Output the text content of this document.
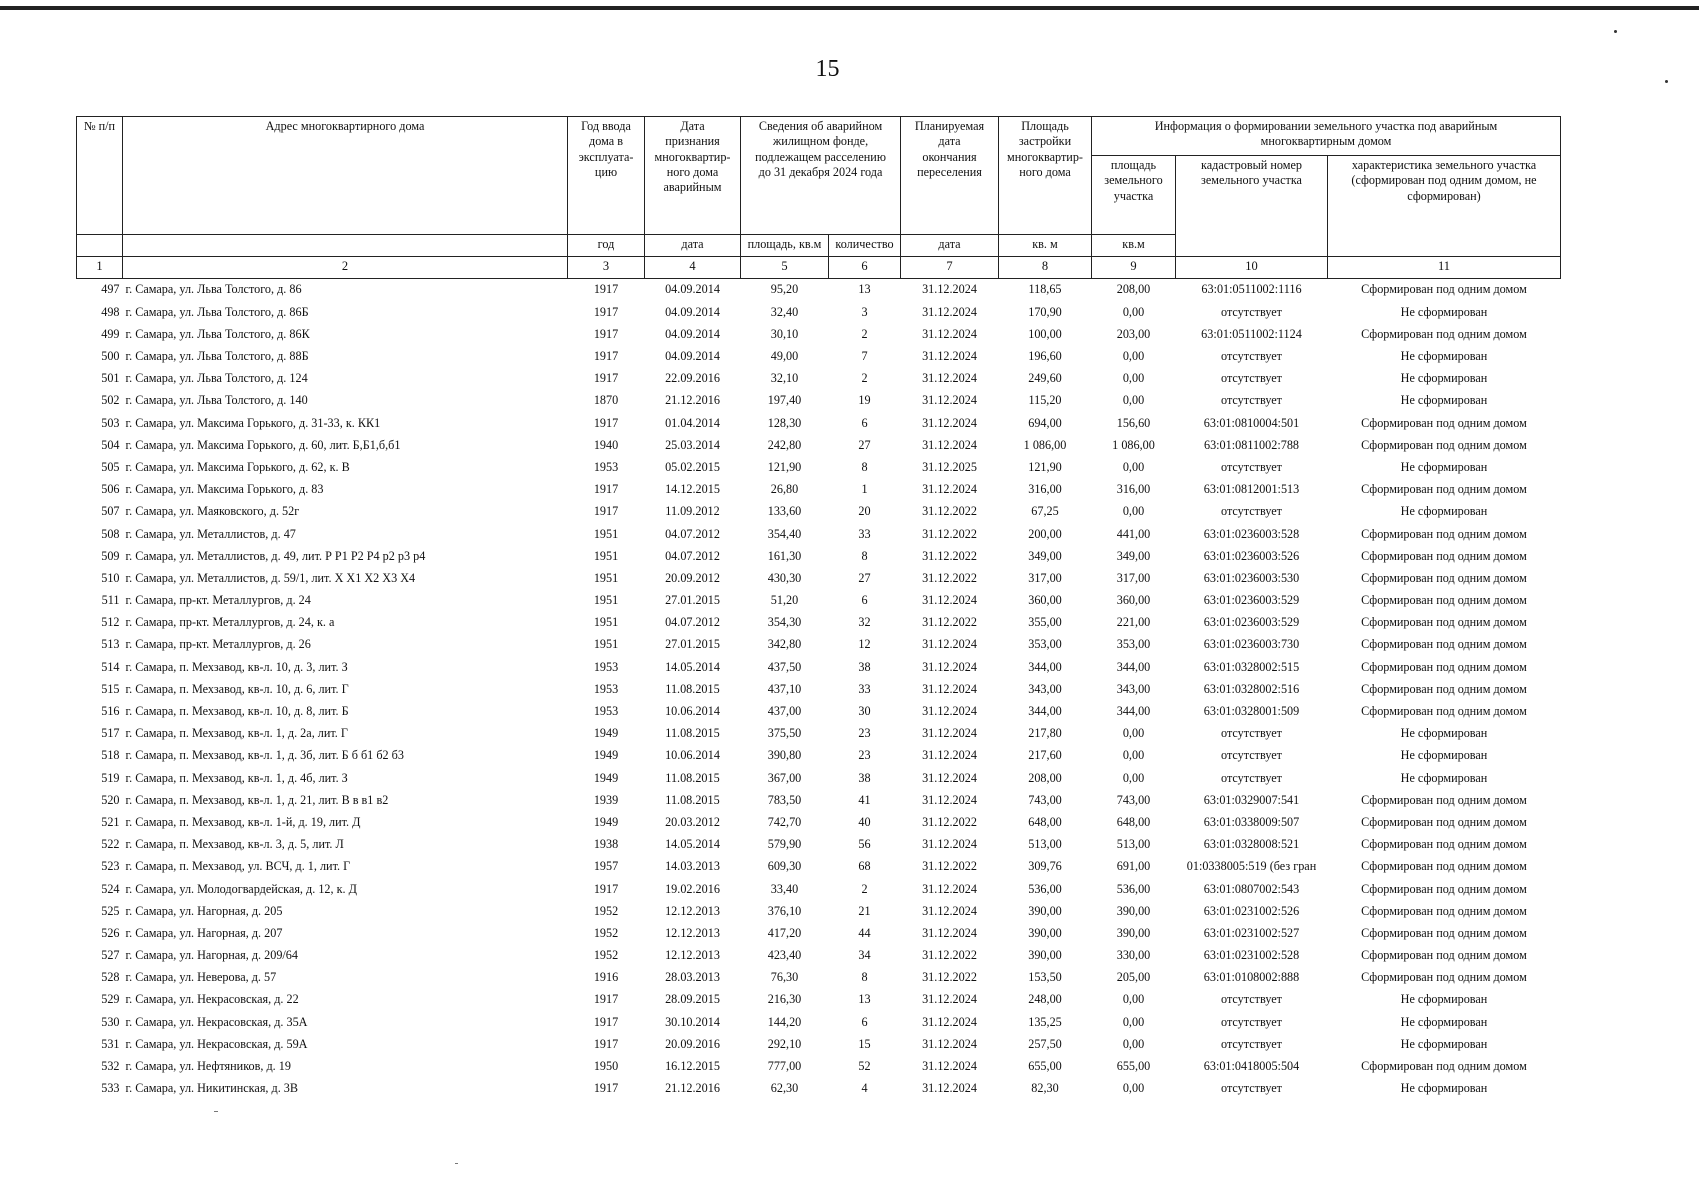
15
№ п/п	Адрес многоквартирного дома	Год ввода
дома в
эксплуата-
цию	Дата
признания
многоквартир-
ного дома
аварийным	Сведения об аварийном
жилищном фонде,
подлежащем расселению
до 31 декабря 2024 года		Планируемая
дата
окончания
переселения	Площадь
застройки
многоквартир-
ного дома	Информация о формировании земельного участка под аварийным
многоквартирным домом		
								площадь
земельного
участка	кадастровый номер
земельного участка	характеристика земельного участка
(сформирован под одним домом, не
сформирован)
		год	дата	площадь, кв.м	количество	дата	кв. м	кв.м		
1	2	3	4	5	6	7	8	9	10	11
497	г. Самара, ул. Льва Толстого, д. 86	1917	04.09.2014	95,20	13	31.12.2024	118,65	208,00	63:01:0511002:1116	Сформирован под одним домом
498	г. Самара, ул. Льва Толстого, д. 86Б	1917	04.09.2014	32,40	3	31.12.2024	170,90	0,00	отсутствует	Не сформирован
499	г. Самара, ул. Льва Толстого, д. 86К	1917	04.09.2014	30,10	2	31.12.2024	100,00	203,00	63:01:0511002:1124	Сформирован под одним домом
500	г. Самара, ул. Льва Толстого, д. 88Б	1917	04.09.2014	49,00	7	31.12.2024	196,60	0,00	отсутствует	Не сформирован
501	г. Самара, ул. Льва Толстого, д. 124	1917	22.09.2016	32,10	2	31.12.2024	249,60	0,00	отсутствует	Не сформирован
502	г. Самара, ул. Льва Толстого, д. 140	1870	21.12.2016	197,40	19	31.12.2024	115,20	0,00	отсутствует	Не сформирован
503	г. Самара, ул. Максима Горького, д. 31-33, к. КК1	1917	01.04.2014	128,30	6	31.12.2024	694,00	156,60	63:01:0810004:501	Сформирован под одним домом
504	г. Самара, ул. Максима Горького, д. 60, лит. Б,Б1,б,б1	1940	25.03.2014	242,80	27	31.12.2024	1 086,00	1 086,00	63:01:0811002:788	Сформирован под одним домом
505	г. Самара, ул. Максима Горького, д. 62, к. В	1953	05.02.2015	121,90	8	31.12.2025	121,90	0,00	отсутствует	Не сформирован
506	г. Самара, ул. Максима Горького, д. 83	1917	14.12.2015	26,80	1	31.12.2024	316,00	316,00	63:01:0812001:513	Сформирован под одним домом
507	г. Самара, ул. Маяковского, д. 52г	1917	11.09.2012	133,60	20	31.12.2022	67,25	0,00	отсутствует	Не сформирован
508	г. Самара, ул. Металлистов, д. 47	1951	04.07.2012	354,40	33	31.12.2022	200,00	441,00	63:01:0236003:528	Сформирован под одним домом
509	г. Самара, ул. Металлистов, д. 49, лит. Р Р1 Р2 Р4 р2 р3 р4	1951	04.07.2012	161,30	8	31.12.2022	349,00	349,00	63:01:0236003:526	Сформирован под одним домом
510	г. Самара, ул. Металлистов, д. 59/1, лит. Х Х1 Х2 Х3 Х4	1951	20.09.2012	430,30	27	31.12.2022	317,00	317,00	63:01:0236003:530	Сформирован под одним домом
511	г. Самара, пр-кт. Металлургов, д. 24	1951	27.01.2015	51,20	6	31.12.2024	360,00	360,00	63:01:0236003:529	Сформирован под одним домом
512	г. Самара, пр-кт. Металлургов, д. 24, к. а	1951	04.07.2012	354,30	32	31.12.2022	355,00	221,00	63:01:0236003:529	Сформирован под одним домом
513	г. Самара, пр-кт. Металлургов, д. 26	1951	27.01.2015	342,80	12	31.12.2024	353,00	353,00	63:01:0236003:730	Сформирован под одним домом
514	г. Самара, п. Мехзавод, кв-л. 10, д. 3, лит. З	1953	14.05.2014	437,50	38	31.12.2024	344,00	344,00	63:01:0328002:515	Сформирован под одним домом
515	г. Самара, п. Мехзавод, кв-л. 10, д. 6, лит. Г	1953	11.08.2015	437,10	33	31.12.2024	343,00	343,00	63:01:0328002:516	Сформирован под одним домом
516	г. Самара, п. Мехзавод, кв-л. 10, д. 8, лит. Б	1953	10.06.2014	437,00	30	31.12.2024	344,00	344,00	63:01:0328001:509	Сформирован под одним домом
517	г. Самара, п. Мехзавод, кв-л. 1, д. 2а, лит. Г	1949	11.08.2015	375,50	23	31.12.2024	217,80	0,00	отсутствует	Не сформирован
518	г. Самара, п. Мехзавод, кв-л. 1, д. 3б, лит. Б б б1 б2 б3	1949	10.06.2014	390,80	23	31.12.2024	217,60	0,00	отсутствует	Не сформирован
519	г. Самара, п. Мехзавод, кв-л. 1, д. 4б, лит. З	1949	11.08.2015	367,00	38	31.12.2024	208,00	0,00	отсутствует	Не сформирован
520	г. Самара, п. Мехзавод, кв-л. 1, д. 21, лит. В в в1 в2	1939	11.08.2015	783,50	41	31.12.2024	743,00	743,00	63:01:0329007:541	Сформирован под одним домом
521	г. Самара, п. Мехзавод, кв-л. 1-й, д. 19, лит. Д	1949	20.03.2012	742,70	40	31.12.2022	648,00	648,00	63:01:0338009:507	Сформирован под одним домом
522	г. Самара, п. Мехзавод, кв-л. 3, д. 5, лит. Л	1938	14.05.2014	579,90	56	31.12.2024	513,00	513,00	63:01:0328008:521	Сформирован под одним домом
523	г. Самара, п. Мехзавод, ул. ВСЧ, д. 1, лит. Г	1957	14.03.2013	609,30	68	31.12.2022	309,76	691,00	01:0338005:519 (без гран	Сформирован под одним домом
524	г. Самара, ул. Молодогвардейская, д. 12, к. Д	1917	19.02.2016	33,40	2	31.12.2024	536,00	536,00	63:01:0807002:543	Сформирован под одним домом
525	г. Самара, ул. Нагорная, д. 205	1952	12.12.2013	376,10	21	31.12.2024	390,00	390,00	63:01:0231002:526	Сформирован под одним домом
526	г. Самара, ул. Нагорная, д. 207	1952	12.12.2013	417,20	44	31.12.2024	390,00	390,00	63:01:0231002:527	Сформирован под одним домом
527	г. Самара, ул. Нагорная, д. 209/64	1952	12.12.2013	423,40	34	31.12.2022	390,00	330,00	63:01:0231002:528	Сформирован под одним домом
528	г. Самара, ул. Неверова, д. 57	1916	28.03.2013	76,30	8	31.12.2022	153,50	205,00	63:01:0108002:888	Сформирован под одним домом
529	г. Самара, ул. Некрасовская, д. 22	1917	28.09.2015	216,30	13	31.12.2024	248,00	0,00	отсутствует	Не сформирован
530	г. Самара, ул. Некрасовская, д. 35А	1917	30.10.2014	144,20	6	31.12.2024	135,25	0,00	отсутствует	Не сформирован
531	г. Самара, ул. Некрасовская, д. 59А	1917	20.09.2016	292,10	15	31.12.2024	257,50	0,00	отсутствует	Не сформирован
532	г. Самара, ул. Нефтяников, д. 19	1950	16.12.2015	777,00	52	31.12.2024	655,00	655,00	63:01:0418005:504	Сформирован под одним домом
533	г. Самара, ул. Никитинская, д. 3В	1917	21.12.2016	62,30	4	31.12.2024	82,30	0,00	отсутствует	Не сформирован
